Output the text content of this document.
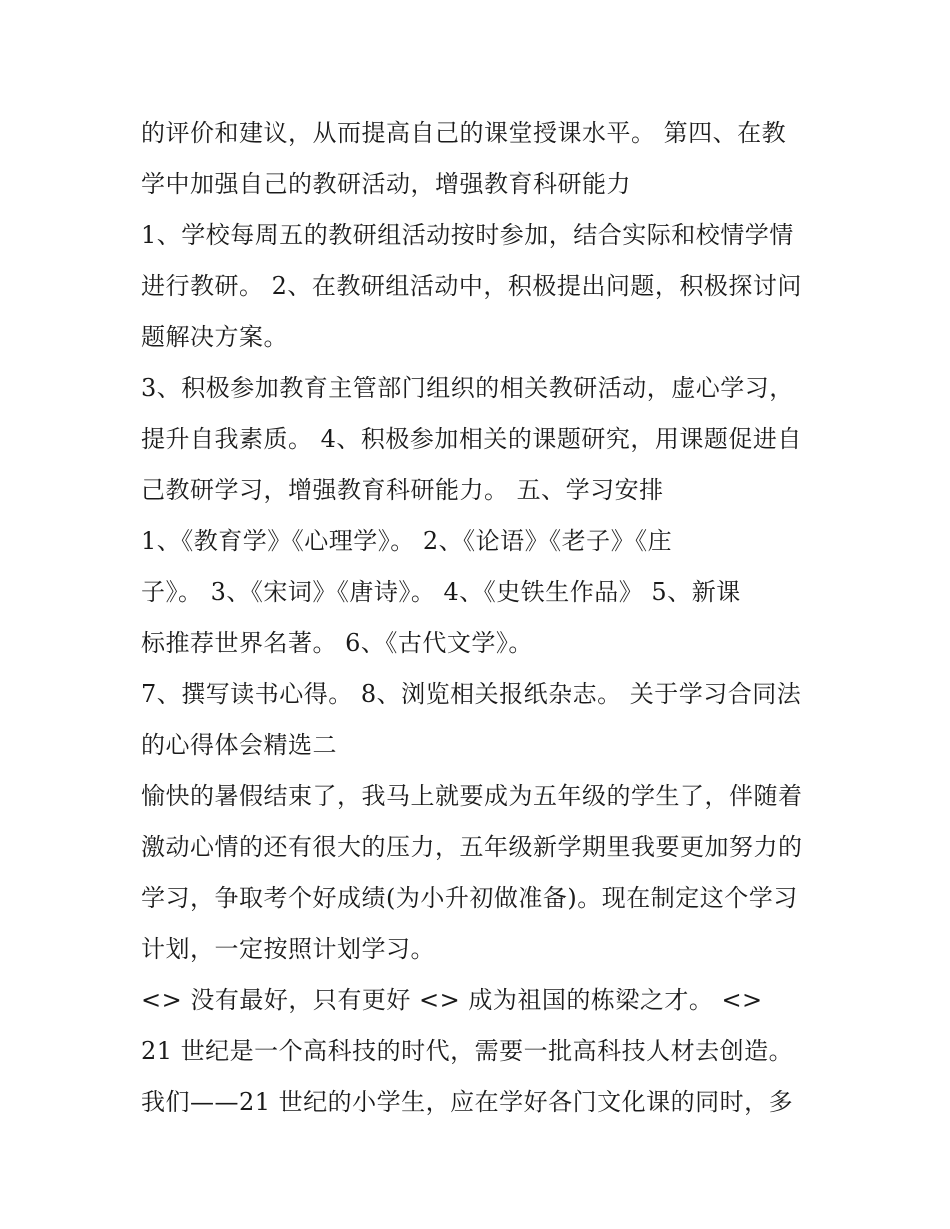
的评价和建议，从而提高自己的课堂授课水平。 第四、在教
学中加强自己的教研活动，增强教育科研能力
1、学校每周五的教研组活动按时参加，结合实际和校情学情
进行教研。 2、在教研组活动中，积极提出问题，积极探讨问
题解决方案。
3、积极参加教育主管部门组织的相关教研活动，虚心学习，
提升自我素质。 4、积极参加相关的课题研究，用课题促进自
己教研学习，增强教育科研能力。 五、学习安排
1、《教育学》《心理学》。 2、《论语》《老子》《庄
子》。 3、《宋词》《唐诗》。 4、《史铁生作品》 5、新课
标推荐世界名著。 6、《古代文学》。
7、撰写读书心得。 8、浏览相关报纸杂志。 关于学习合同法
的心得体会精选二
愉快的暑假结束了，我马上就要成为五年级的学生了，伴随着
激动心情的还有很大的压力，五年级新学期里我要更加努力的
学习，争取考个好成绩(为小升初做准备)。现在制定这个学习
计划，一定按照计划学习。
<> 没有最好，只有更好 <> 成为祖国的栋梁之才。 <>
21 世纪是一个高科技的时代，需要一批高科技人材去创造。
我们——21 世纪的小学生，应在学好各门文化课的同时，多
